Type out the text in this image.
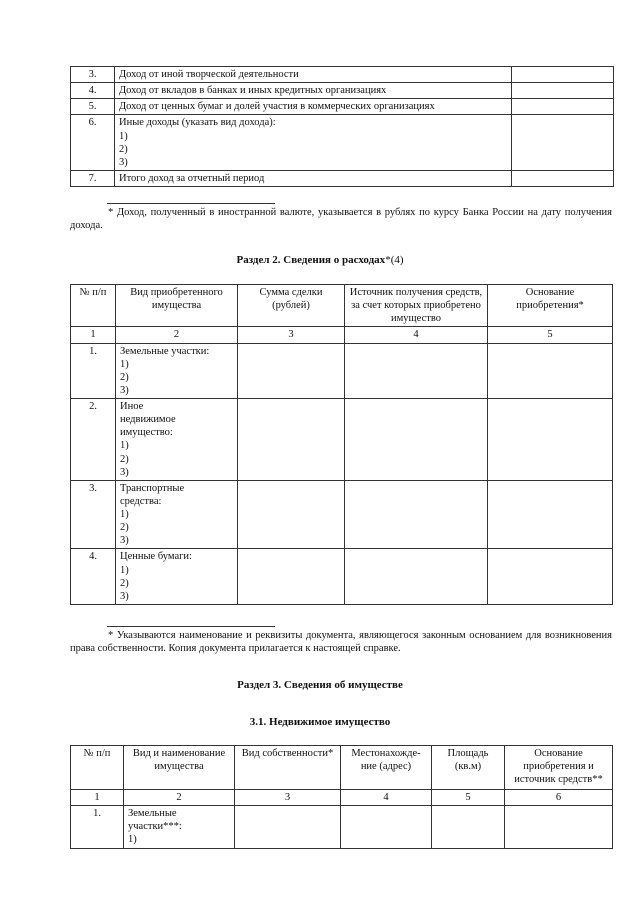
3.	Доход от иной творческой деятельности	
4.	Доход от вкладов в банках и иных кредитных организациях	
5.	Доход от ценных бумаг и долей участия в коммерческих организациях	
6.	Иные доходы (указать вид дохода):
1)
2)
3)	

7.	Итого доход за отчетный период	
* Доход, полученный в иностранной валюте, указывается в рублях по курсу Банка России на дату получения дохода.
Раздел 2. Сведения о расходах*(4)
№ п/п	Вид приобретенного имущества	Сумма сделки (рублей)	Источник получения средств, за счет которых приобретено имущество	Основание приобретения*
1	2	3	4	5
1.	Земельные участки:
1)
2)
3)			

2.	Иное недвижимое имущество:
1)
2)
3)			

3.	Транспортные средства:
1)
2)
3)			

4.	Ценные бумаги:
1)
2)
3)			

* Указываются наименование и реквизиты документа, являющегося законным основанием для возникновения права собственности. Копия документа прилагается к настоящей справке.
Раздел 3. Сведения об имуществе
3.1. Недвижимое имущество
№ п/п	Вид и наименование имущества	Вид собственности*	Местонахожде-ние (адрес)	Площадь (кв.м)	Основание приобретения и источник средств**
1	2	3	4	5	6
1.	Земельные участки***:
1)				
